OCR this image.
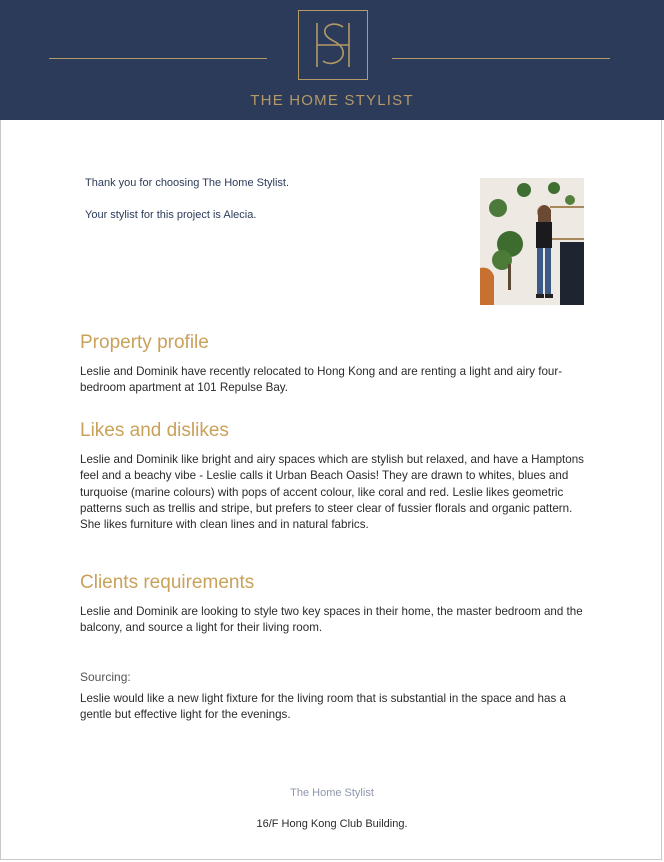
THE HOME STYLIST
Thank you for choosing The Home Stylist.
Your stylist for this project is Alecia.
Property profile

Leslie and Dominik have recently relocated to Hong Kong and are renting a light and airy four-bedroom apartment at 101 Repulse Bay.

Likes and dislikes

Leslie and Dominik like bright and airy spaces which are stylish but relaxed, and have a Hamptons feel and a beachy vibe - Leslie calls it Urban Beach Oasis! They are drawn to whites, blues and turquoise (marine colours) with pops of accent colour, like coral and red. Leslie likes geometric patterns such as trellis and stripe, but prefers to steer clear of fussier florals and organic pattern. She likes furniture with clean lines and in natural fabrics.

Clients requirements

Leslie and Dominik are looking to style two key spaces in their home, the master bedroom and the balcony, and source a light for their living room.

Sourcing:

Leslie would like a new light fixture for the living room that is substantial in the space and has a gentle but effective light for the evenings.

The Home Stylist
16/F Hong Kong Club Building.
